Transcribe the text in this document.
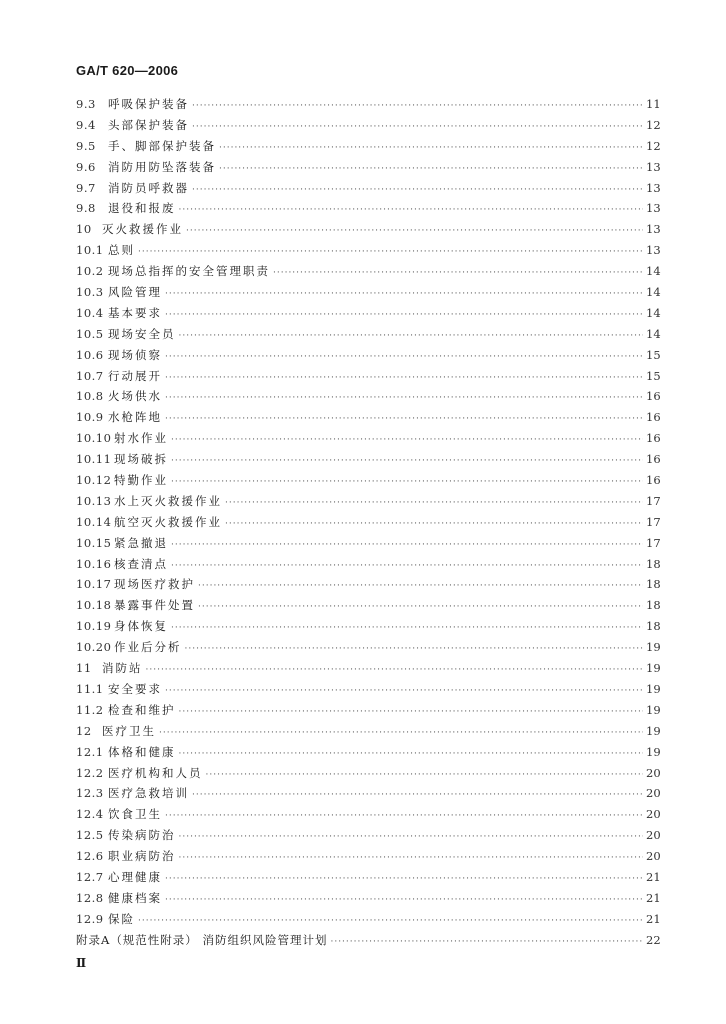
GA/T 620—2006
9.3	呼吸保护装备 ·····	11
9.4	头部保护装备 ·····	12
9.5	手、脚部保护装备 ·····	12
9.6	消防用防坠落装备 ·····	13
9.7	消防员呼救器 ·····	13
9.8	退役和报废 ·····	13
10 灭火救援作业 ·····	13
10.1 总则 ·····	13
10.2 现场总指挥的安全管理职责 ·····	14
10.3 风险管理 ·····	14
10.4 基本要求 ·····	14
10.5 现场安全员 ·····	14
10.6 现场侦察 ·····	15
10.7 行动展开 ·····	15
10.8 火场供水 ·····	16
10.9 水枪阵地 ·····	16
10.10 射水作业 ·····	16
10.11 现场破拆 ·····	16
10.12 特勤作业 ·····	16
10.13 水上灭火救援作业 ·····	17
10.14 航空灭火救援作业 ·····	17
10.15 紧急撤退 ·····	17
10.16 核查清点 ·····	18
10.17 现场医疗救护 ·····	18
10.18 暴露事件处置 ·····	18
10.19 身体恢复 ·····	18
10.20 作业后分析 ·····	19
11 消防站 ·····	19
11.1 安全要求 ·····	19
11.2 检查和维护 ·····	19
12 医疗卫生 ·····	19
12.1 体格和健康 ·····	19
12.2 医疗机构和人员 ·····	20
12.3 医疗急救培训 ·····	20
12.4 饮食卫生 ·····	20
12.5 传染病防治 ·····	20
12.6 职业病防治 ·····	20
12.7 心理健康 ·····	21
12.8 健康档案 ·····	21
12.9 保险 ·····	21
附录A（规范性附录） 消防组织风险管理计划 ·····	22
Ⅱ
